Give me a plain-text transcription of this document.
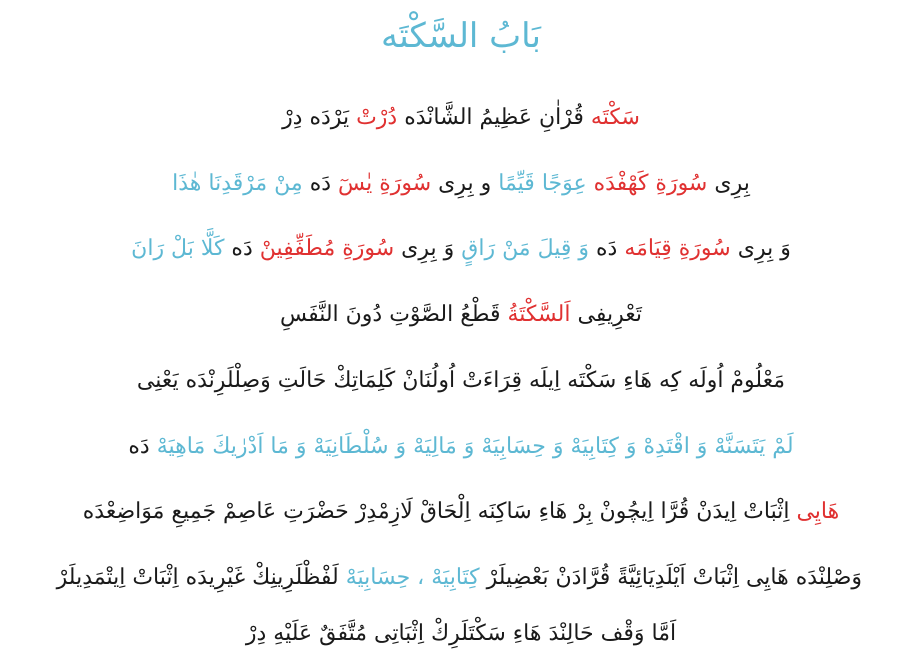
بَابُ السَّكْتَه
سَكْتَه قُرْاٰنِ عَظِيمُ الشَّانْدَه دُرْتْ يَرْدَه دِرْ
بِرِى سُورَةِ كَهْفْدَه عِوَجًا قَيِّمًا و بِرِى سُورَةِ يٰسٓ دَه مِنْ مَرْقَدِنَا هٰذَا
وَ بِرِى سُورَةِ قِيَامَه دَه وَ قِيلَ مَنْ رَاقٍ وَ بِرِى سُورَةِ مُطَفِّفِينْ دَه كَلَّا بَلْ رَانَ
تَعْرِيفِى اَلسَّكْتَةُ قَطْعُ الصَّوْتِ دُونَ النَّفَسِ
مَعْلُومْ اُولَه كِه هَاءِ سَكْتَه اِيلَه قِرَاءَتْ اُولُنَانْ كَلِمَاتِكْ حَالَتِ وَصِلْلَرِنْدَه يَعْنِى
لَمْ يَتَسَنَّهْ وَ اقْتَدِهْ وَ كِتَابِيَهْ وَ حِسَابِيَهْ وَ مَالِيَهْ وَ سُلْطَانِيَهْ وَ مَا اَدْرٰيكَ مَاهِيَهْ دَه
هَايِى اِثْبَاتْ اِيدَنْ قُرَّا اِيچُونْ بِرْ هَاءِ سَاكِنَه اِلْحَاقْ لَازِمْدِرْ حَضْرَتِ عَاصِمْ جَمِيعِ مَوَاضِعْدَه
وَصْلِنْدَه هَايِى اِثْبَاتْ اَيْلَدِيَائِيَّةً قُرَّادَنْ بَعْضِيلَرْ كِتَابِيَهْ ، حِسَابِيَهْ لَفْظْلَرِينِكْ غَيْرِيدَه اِثْبَاتْ اِيتْمَدِيلَرْ
اَمَّا وَقْف حَالِنْدَ هَاءِ سَكْتَلَرِكْ اِثْبَاتِى مُتَّفَقٌ عَلَيْهِ دِرْ
